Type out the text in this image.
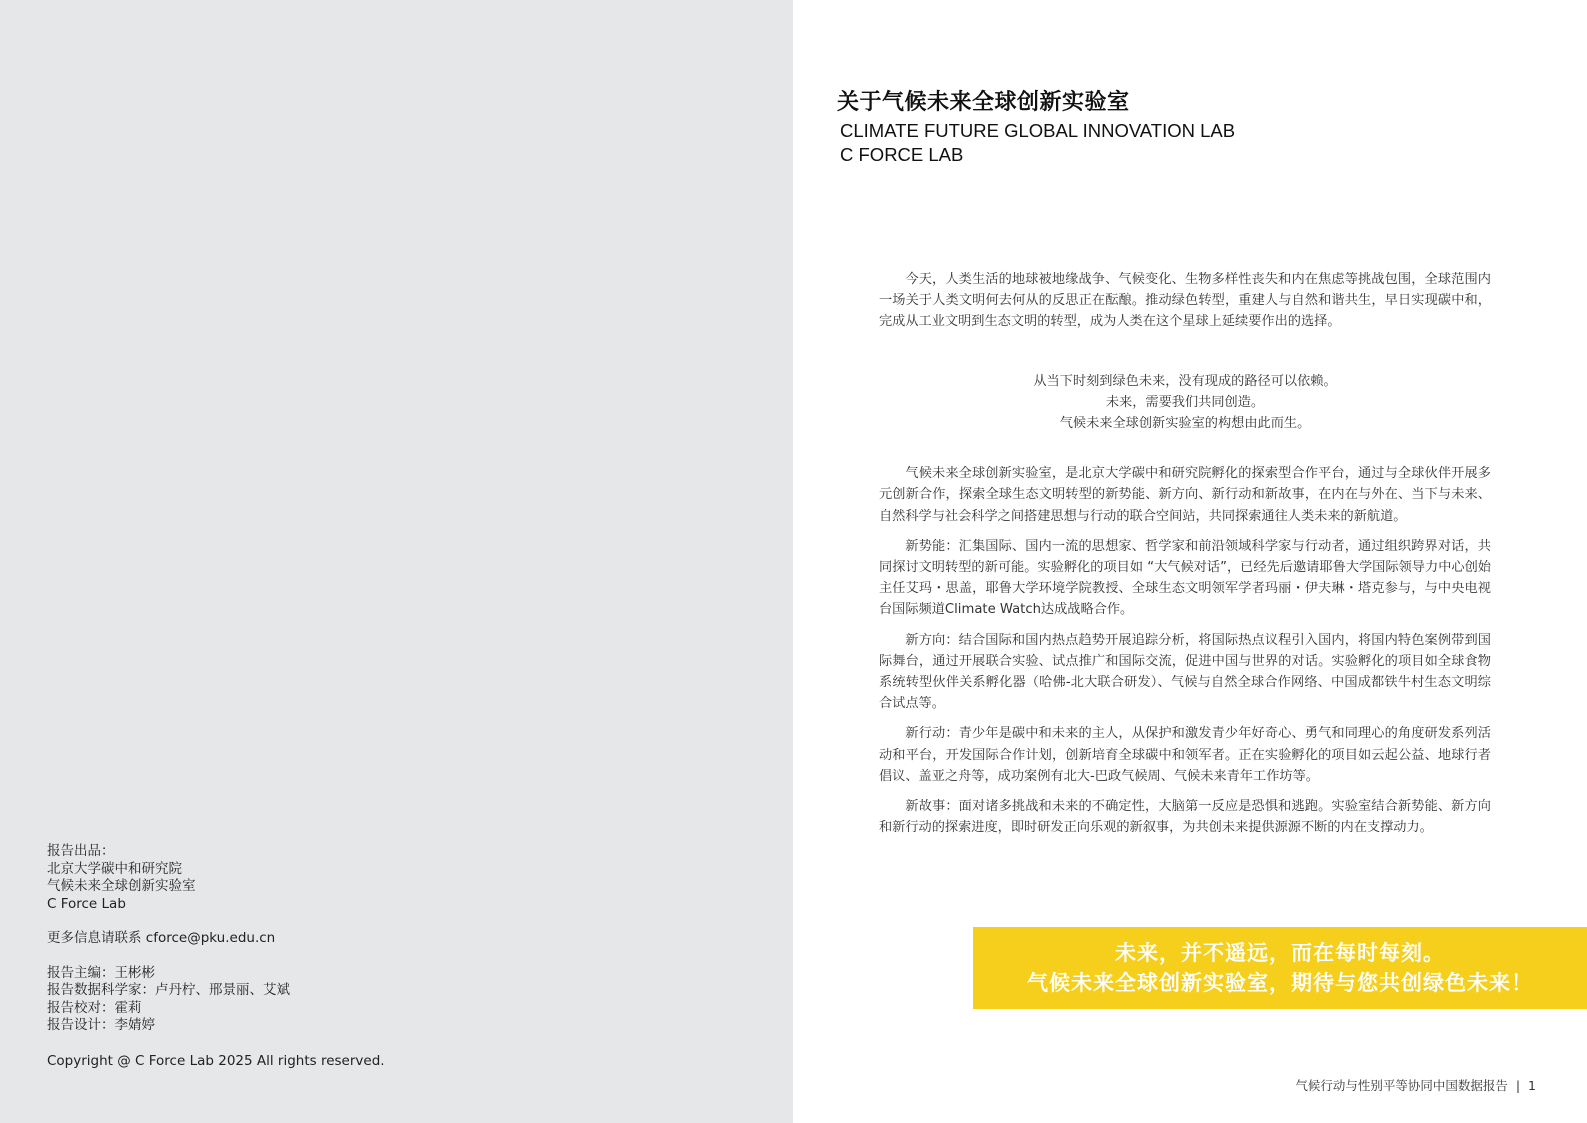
报告出品：
北京大学碳中和研究院
气候未来全球创新实验室
C Force Lab
更多信息请联系 cforce@pku.edu.cn
报告主编：王彬彬
报告数据科学家：卢丹柠、邢景丽、艾斌
报告校对：霍莉
报告设计：李婧婷
Copyright @ C Force Lab 2025 All rights reserved.
关于气候未来全球创新实验室
CLIMATE FUTURE GLOBAL INNOVATION LAB
C FORCE LAB

今天，人类生活的地球被地缘战争、气候变化、生物多样性丧失和内在焦虑等挑战包围，全球范围内一场关于人类文明何去何从的反思正在酝酿。推动绿色转型，重建人与自然和谐共生，早日实现碳中和，完成从工业文明到生态文明的转型，成为人类在这个星球上延续要作出的选择。

从当下时刻到绿色未来，没有现成的路径可以依赖。

未来，需要我们共同创造。

气候未来全球创新实验室的构想由此而生。

气候未来全球创新实验室，是北京大学碳中和研究院孵化的探索型合作平台，通过与全球伙伴开展多元创新合作，探索全球生态文明转型的新势能、新方向、新行动和新故事，在内在与外在、当下与未来、自然科学与社会科学之间搭建思想与行动的联合空间站，共同探索通往人类未来的新航道。

新势能：汇集国际、国内一流的思想家、哲学家和前沿领域科学家与行动者，通过组织跨界对话，共同探讨文明转型的新可能。实验孵化的项目如 “大气候对话”，已经先后邀请耶鲁大学国际领导力中心创始主任艾玛・思盖，耶鲁大学环境学院教授、全球生态文明领军学者玛丽・伊夫琳・塔克参与，与中央电视台国际频道Climate Watch达成战略合作。

新方向：结合国际和国内热点趋势开展追踪分析，将国际热点议程引入国内，将国内特色案例带到国际舞台，通过开展联合实验、试点推广和国际交流，促进中国与世界的对话。实验孵化的项目如全球食物系统转型伙伴关系孵化器（哈佛-北大联合研发）、气候与自然全球合作网络、中国成都铁牛村生态文明综合试点等。

新行动：青少年是碳中和未来的主人，从保护和激发青少年好奇心、勇气和同理心的角度研发系列活动和平台，开发国际合作计划，创新培育全球碳中和领军者。正在实验孵化的项目如云起公益、地球行者倡议、盖亚之舟等，成功案例有北大-巴政气候周、气候未来青年工作坊等。

新故事：面对诸多挑战和未来的不确定性，大脑第一反应是恐惧和逃跑。实验室结合新势能、新方向和新行动的探索进度，即时研发正向乐观的新叙事，为共创未来提供源源不断的内在支撑动力。

未来，并不遥远，而在每时每刻。
气候未来全球创新实验室，期待与您共创绿色未来！
气候行动与性别平等协同中国数据报告 | 1
